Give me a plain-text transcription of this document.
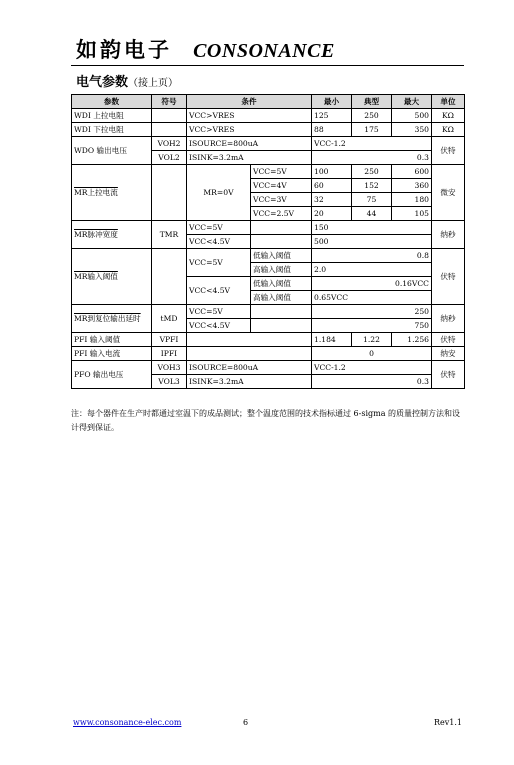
如韵电子 CONSONANCE
电气参数（接上页）
参数	符号	条件		最小	典型	最大	单位
WDI 上拉电阻		VCC>VRES		125	250	500	KΩ
WDI 下拉电阻		VCC>VRES		88	175	350	KΩ
WDO 输出电压	VOH2	ISOURCE=800uA		VCC-1.2			伏特
	VOL2	ISINK=3.2mA		0.3			
MR上拉电流		MR=0V	VCC=5V	100	250	600	微安
			VCC=4V	60	152	360	
			VCC=3V	32	75	180	
			VCC=2.5V	20	44	105	
MR脉冲宽度	TMR	VCC=5V		150			纳秒
		VCC<4.5V		500			
MR输入阈值		VCC=5V	低输入阈值	0.8			伏特
			高输入阈值	2.0			
		VCC<4.5V	低输入阈值	0.16VCC			
			高输入阈值	0.65VCC			
MR到复位输出延时	tMD	VCC=5V		250			纳秒
		VCC<4.5V		750			
PFI 输入阈值	VPFI			1.184	1.22	1.256	伏特
PFI 输入电流	IPFI			0			纳安
PFO 输出电压	VOH3	ISOURCE=800uA		VCC-1.2			伏特
	VOL3	ISINK=3.2mA		0.3			
注：每个器件在生产时都通过室温下的成品测试；整个温度范围的技术指标通过 6-sigma 的质量控制方法和设计得到保证。
www.consonance-elec.com	6	Rev1.1
